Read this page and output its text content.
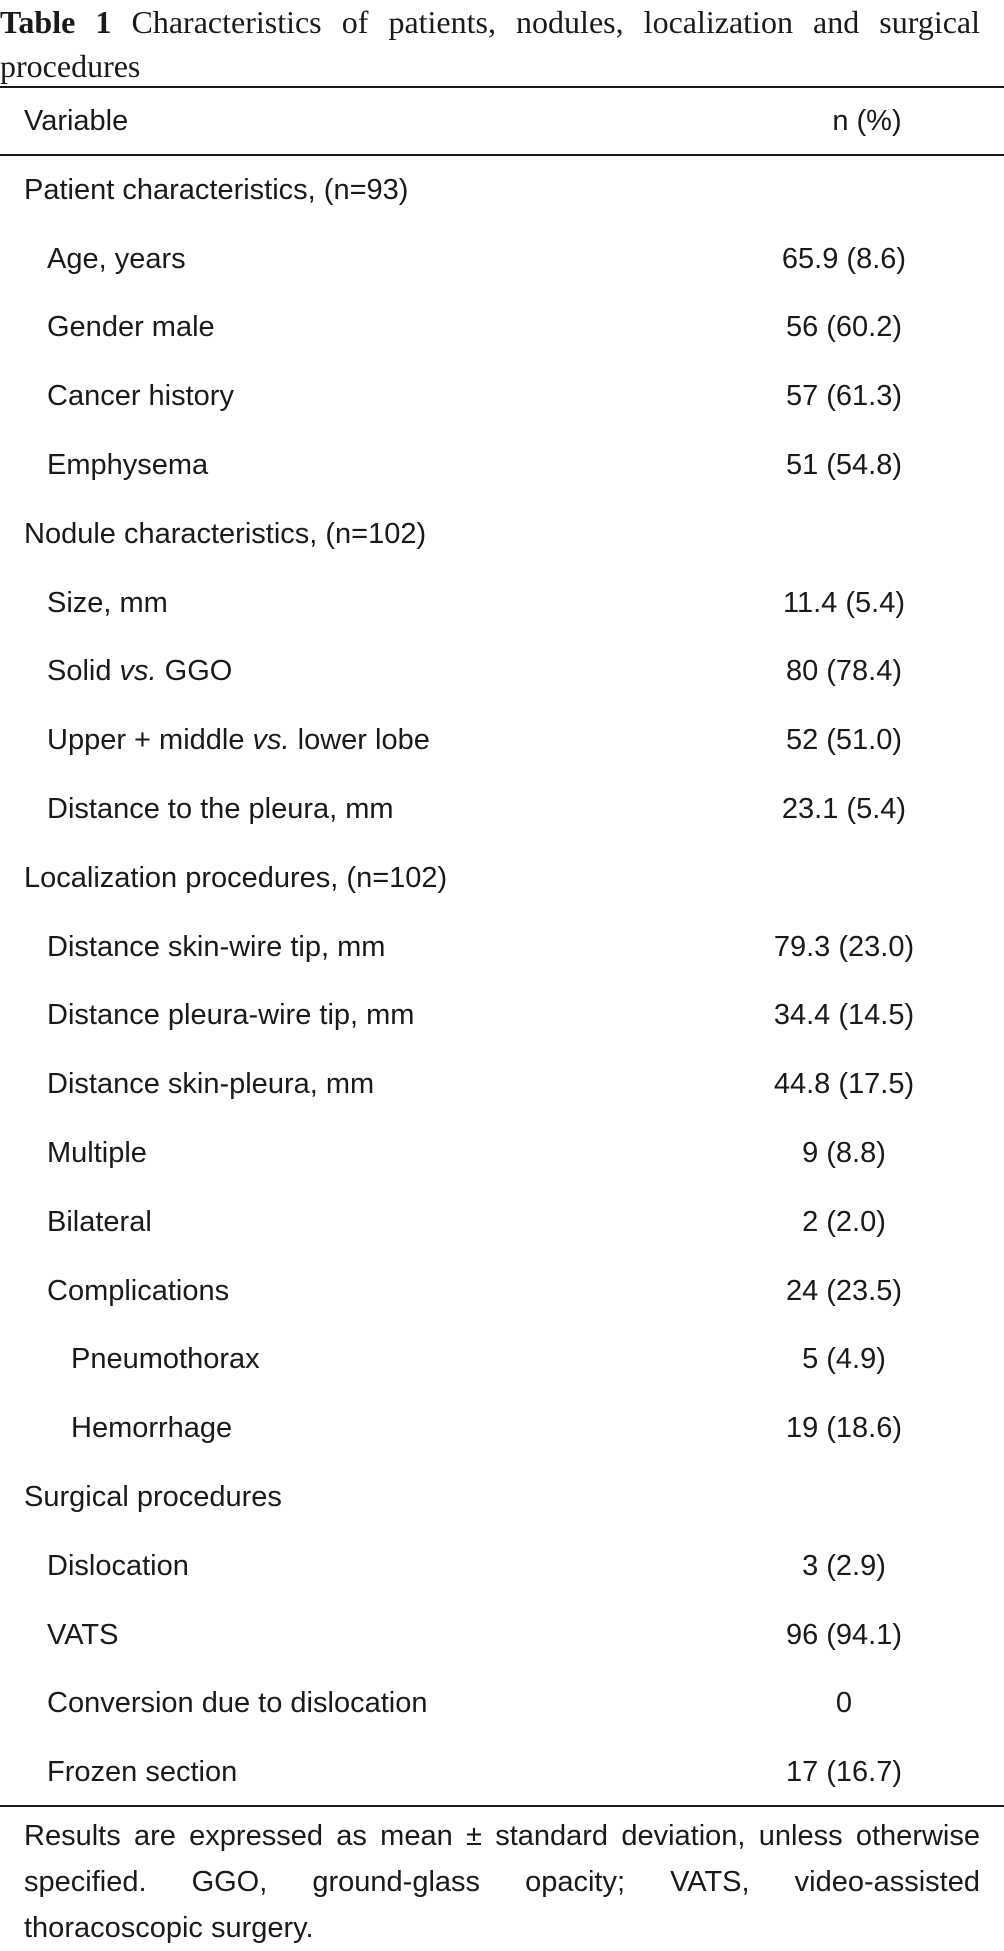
Table 1 Characteristics of patients, nodules, localization and surgical procedures
Variable	n (%)
Patient characteristics, (n=93)
Age, years	65.9 (8.6)
Gender male	56 (60.2)
Cancer history	57 (61.3)
Emphysema	51 (54.8)
Nodule characteristics, (n=102)
Size, mm	11.4 (5.4)
Solid vs. GGO	80 (78.4)
Upper + middle vs. lower lobe	52 (51.0)
Distance to the pleura, mm	23.1 (5.4)
Localization procedures, (n=102)
Distance skin-wire tip, mm	79.3 (23.0)
Distance pleura-wire tip, mm	34.4 (14.5)
Distance skin-pleura, mm	44.8 (17.5)
Multiple	9 (8.8)
Bilateral	2 (2.0)
Complications	24 (23.5)
Pneumothorax	5 (4.9)
Hemorrhage	19 (18.6)
Surgical procedures
Dislocation	3 (2.9)
VATS	96 (94.1)
Conversion due to dislocation	0
Frozen section	17 (16.7)
Results are expressed as mean ± standard deviation, unless otherwise specified. GGO, ground-glass opacity; VATS, video-assisted thoracoscopic surgery.
